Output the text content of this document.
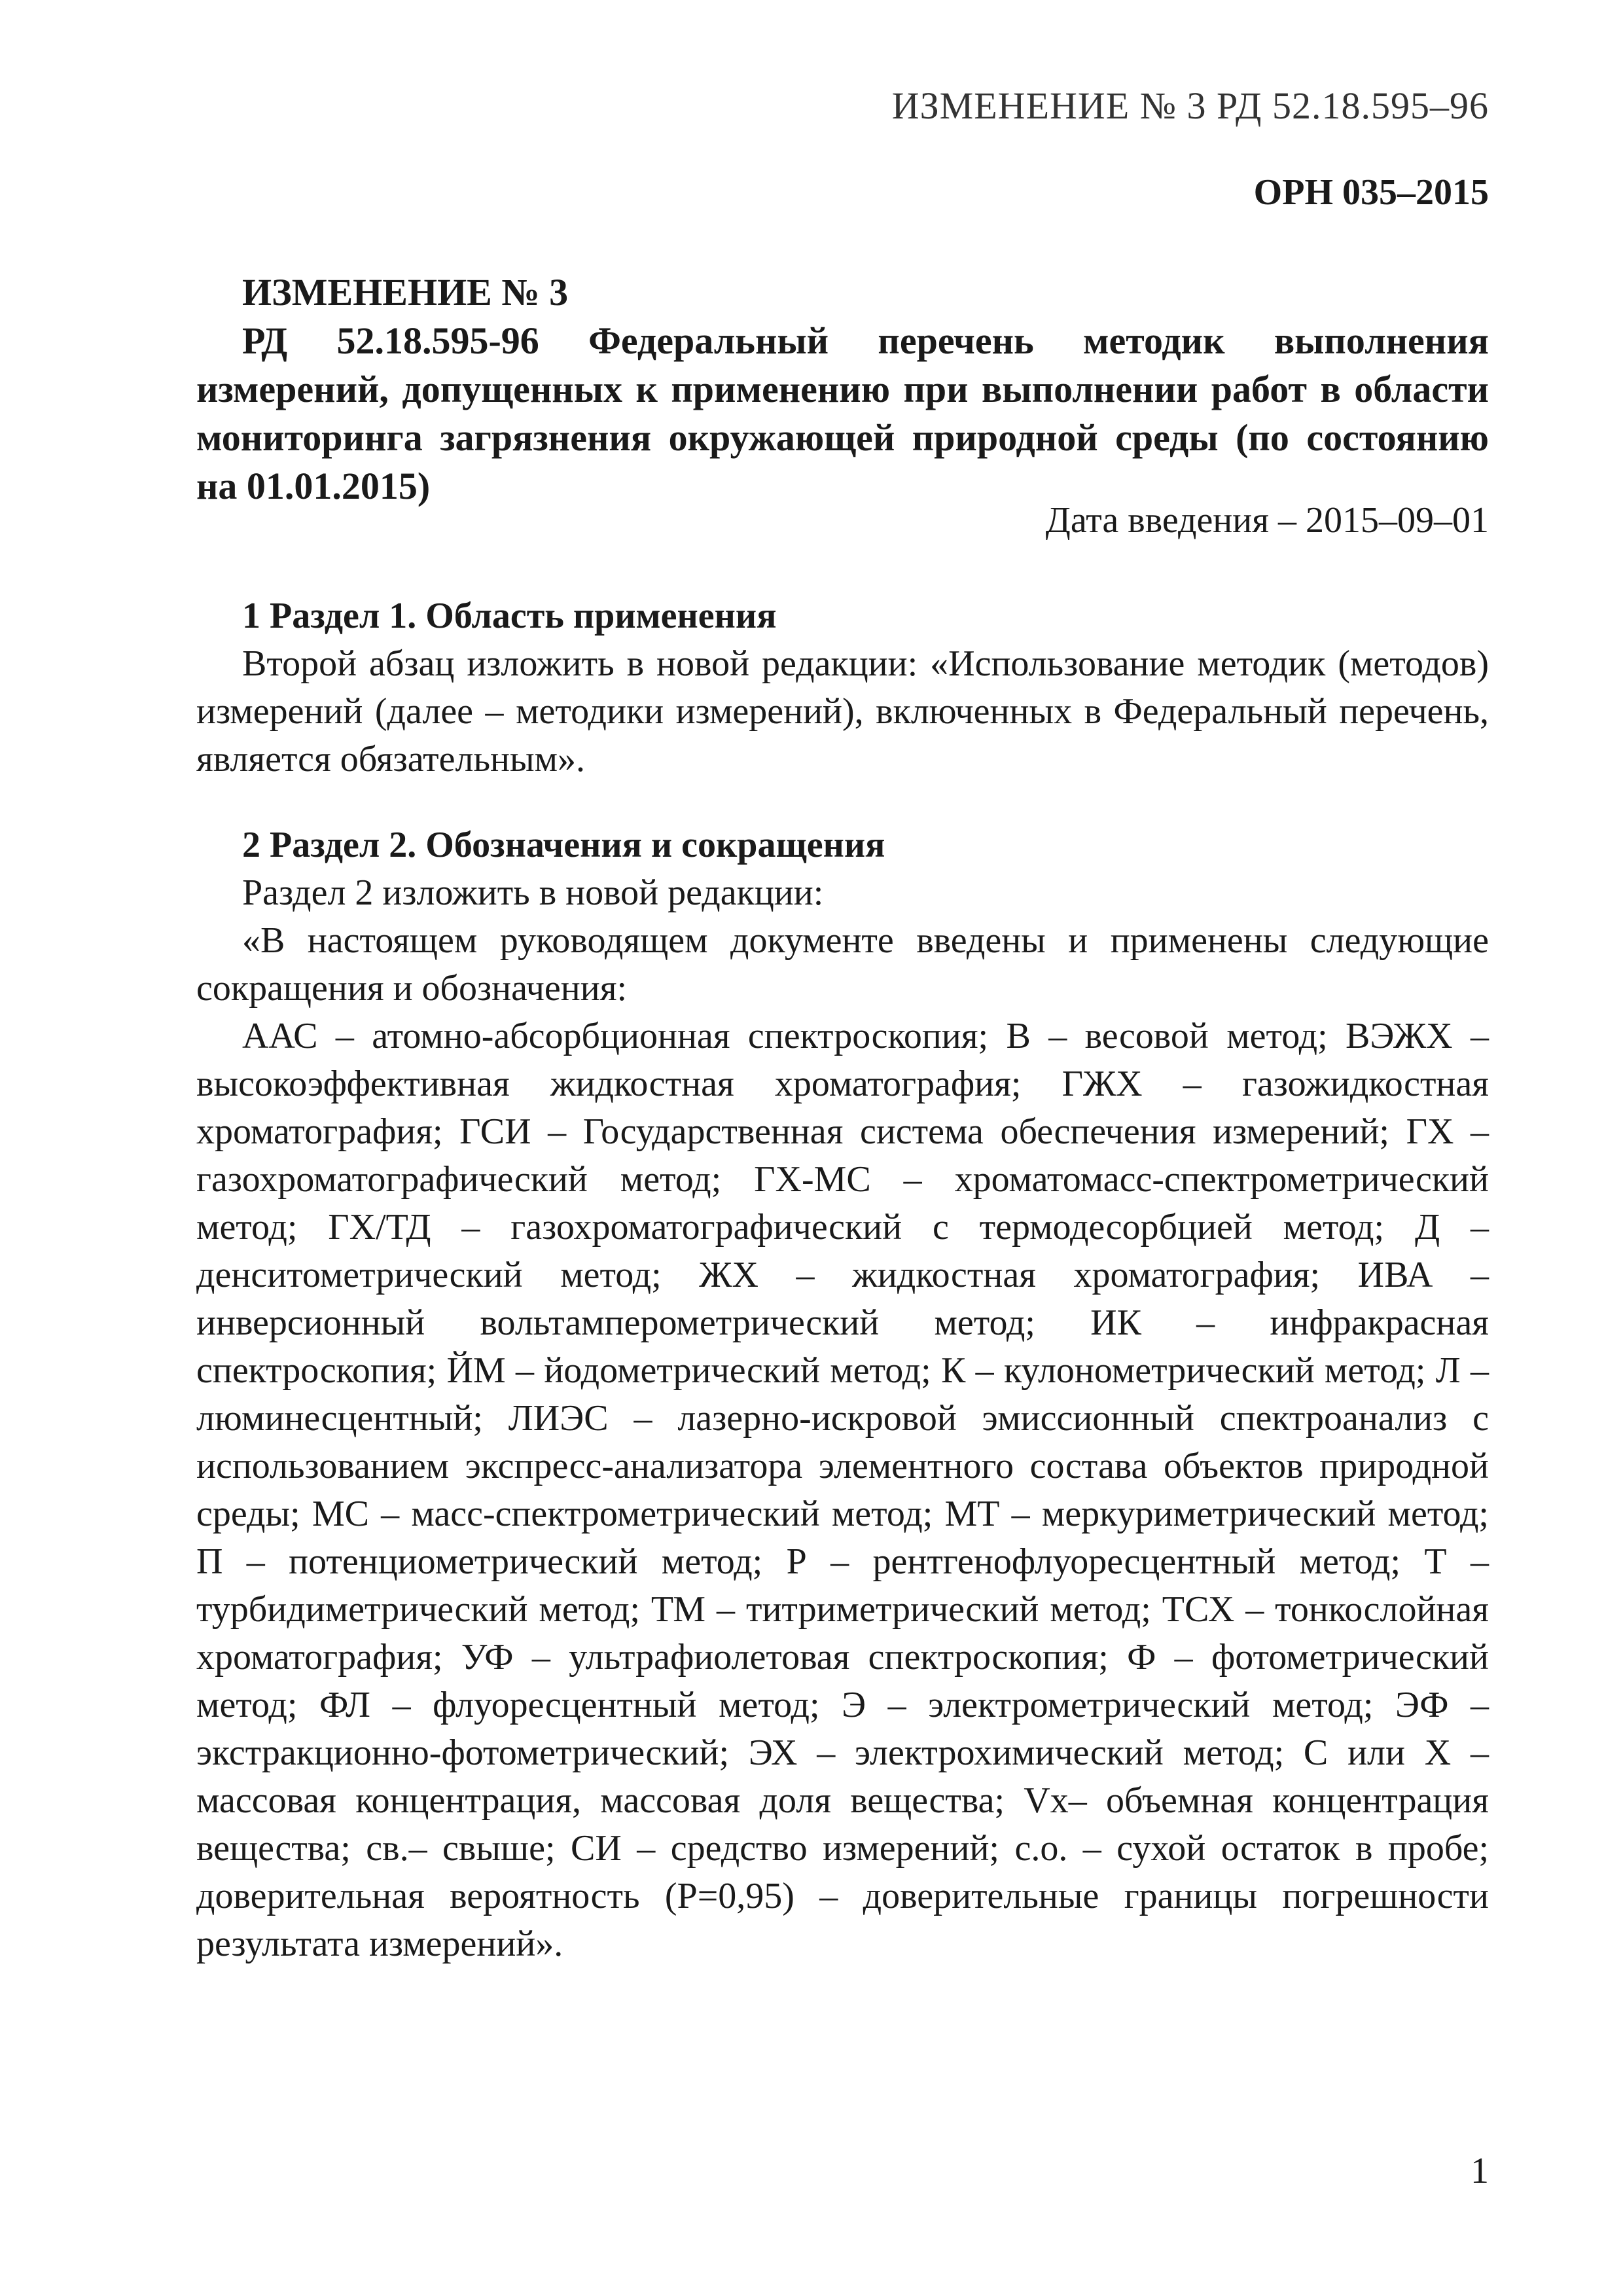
ИЗМЕНЕНИЕ № 3 РД 52.18.595–96
ОРН 035–2015
ИЗМЕНЕНИЕ № 3
РД 52.18.595-96 Федеральный перечень методик выполнения измерений, допущенных к применению при выполнении работ в области мониторинга загрязнения окружающей природной среды (по состоянию на 01.01.2015)
Дата введения – 2015–09–01
1 Раздел 1. Область применения
Второй абзац изложить в новой редакции: «Использование методик (методов) измерений (далее – методики измерений), включенных в Федеральный перечень, является обязательным».
2 Раздел 2. Обозначения и сокращения
Раздел 2 изложить в новой редакции:
«В настоящем руководящем документе введены и применены следующие сокращения и обозначения:
ААС – атомно-абсорбционная спектроскопия; В – весовой метод; ВЭЖХ – высокоэффективная жидкостная хроматография; ГЖХ – газожидкостная хроматография; ГСИ – Государственная система обеспечения измерений; ГХ – газохроматографический метод; ГХ-МС – хроматомасс-спектрометрический метод; ГХ/ТД – газохроматографический с термодесорбцией метод; Д – денситометрический метод; ЖХ – жидкостная хроматография; ИВА – инверсионный вольтамперометрический метод; ИК – инфракрасная спектроскопия; ЙМ – йодометрический метод; К – кулонометрический метод; Л –люминесцентный; ЛИЭС – лазерно-искровой эмиссионный спектроанализ с использованием экспресс-анализатора элементного состава объектов природной среды; МС – масс-спектрометрический метод; МТ – меркуриметрический метод; П – потенциометрический метод; Р – рентгенофлуоресцентный метод; Т – турбидиметрический метод; ТМ – титриметрический метод; ТСХ – тонкослойная хроматография; УФ – ультрафиолетовая спектроскопия; Ф – фотометрический метод; ФЛ – флуоресцентный метод; Э – электрометрический метод; ЭФ – экстракционно-фотометрический; ЭХ – электрохимический метод; С или Х – массовая концентрация, массовая доля вещества; Vх– объемная концентрация вещества; св.– свыше; СИ – средство измерений; с.о. – сухой остаток в пробе; доверительная вероятность (Р=0,95) – доверительные границы погрешности результата измерений».
1
